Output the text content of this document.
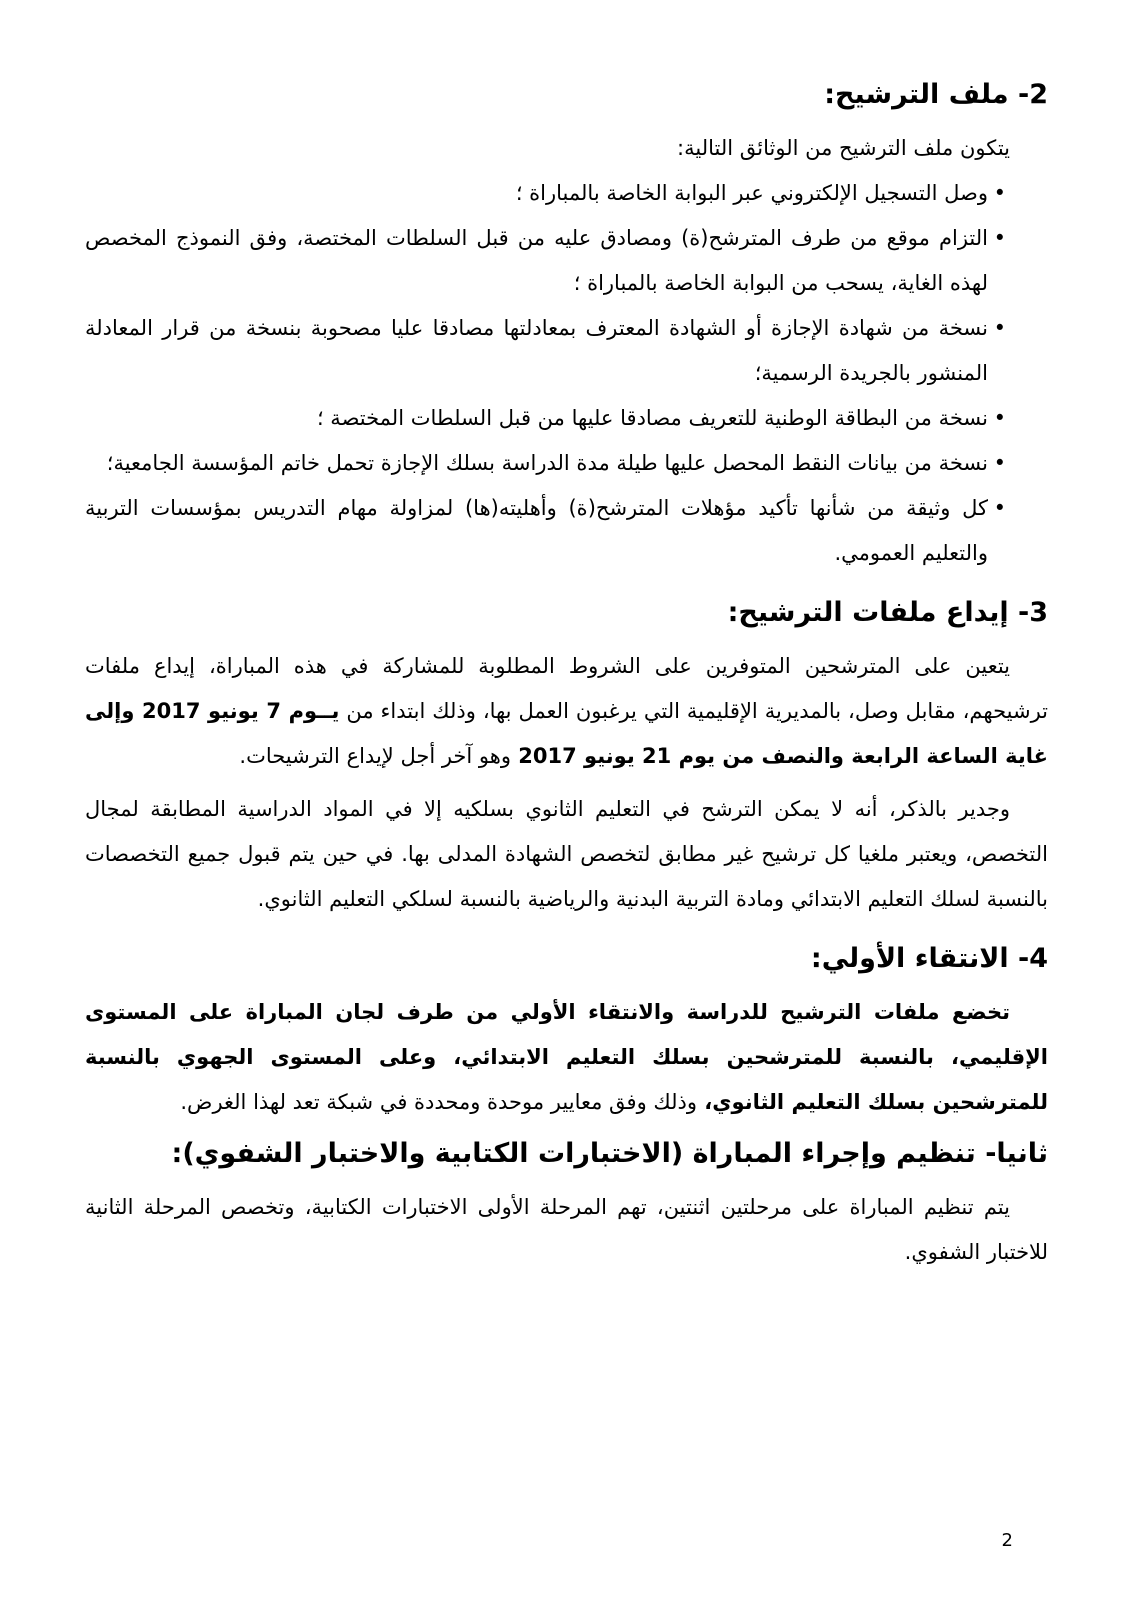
2- ملف الترشيح:

يتكون ملف الترشيح من الوثائق التالية:

•
وصل التسجيل الإلكتروني عبر البوابة الخاصة بالمباراة ؛
•
التزام موقع من طرف المترشح(ة) ومصادق عليه من قبل السلطات المختصة، وفق النموذج المخصص لهذه الغاية، يسحب من البوابة الخاصة بالمباراة ؛
•
نسخة من شهادة الإجازة أو الشهادة المعترف بمعادلتها مصادقا عليا مصحوبة بنسخة من قرار المعادلة المنشور بالجريدة الرسمية؛
•
نسخة من البطاقة الوطنية للتعريف مصادقا عليها من قبل السلطات المختصة ؛
•
نسخة من بيانات النقط المحصل عليها طيلة مدة الدراسة بسلك الإجازة تحمل خاتم المؤسسة الجامعية؛
•
كل وثيقة من شأنها تأكيد مؤهلات المترشح(ة) وأهليته(ها) لمزاولة مهام التدريس بمؤسسات التربية والتعليم العمومي.
3- إيداع ملفات الترشيح:

يتعين على المترشحين المتوفرين على الشروط المطلوبة للمشاركة في هذه المباراة، إيداع ملفات ترشيحهم، مقابل وصل، بالمديرية الإقليمية التي يرغبون العمل بها، وذلك ابتداء من يــوم 7 يونيو 2017 وإلى غاية الساعة الرابعة والنصف من يوم 21 يونيو 2017 وهو آخر أجل لإيداع الترشيحات.

وجدير بالذكر، أنه لا يمكن الترشح في التعليم الثانوي بسلكيه إلا في المواد الدراسية المطابقة لمجال التخصص، ويعتبر ملغيا كل ترشيح غير مطابق لتخصص الشهادة المدلى بها. في حين يتم قبول جميع التخصصات بالنسبة لسلك التعليم الابتدائي ومادة التربية البدنية والرياضية بالنسبة لسلكي التعليم الثانوي.

4- الانتقاء الأولي:

تخضع ملفات الترشيح للدراسة والانتقاء الأولي من طرف لجان المباراة على المستوى الإقليمي، بالنسبة للمترشحين بسلك التعليم الابتدائي، وعلى المستوى الجهوي بالنسبة للمترشحين بسلك التعليم الثانوي، وذلك وفق معايير موحدة ومحددة في شبكة تعد لهذا الغرض.

ثانيا- تنظيم وإجراء المباراة (الاختبارات الكتابية والاختبار الشفوي):

يتم تنظيم المباراة على مرحلتين اثنتين، تهم المرحلة الأولى الاختبارات الكتابية، وتخصص المرحلة الثانية للاختبار الشفوي.

2
